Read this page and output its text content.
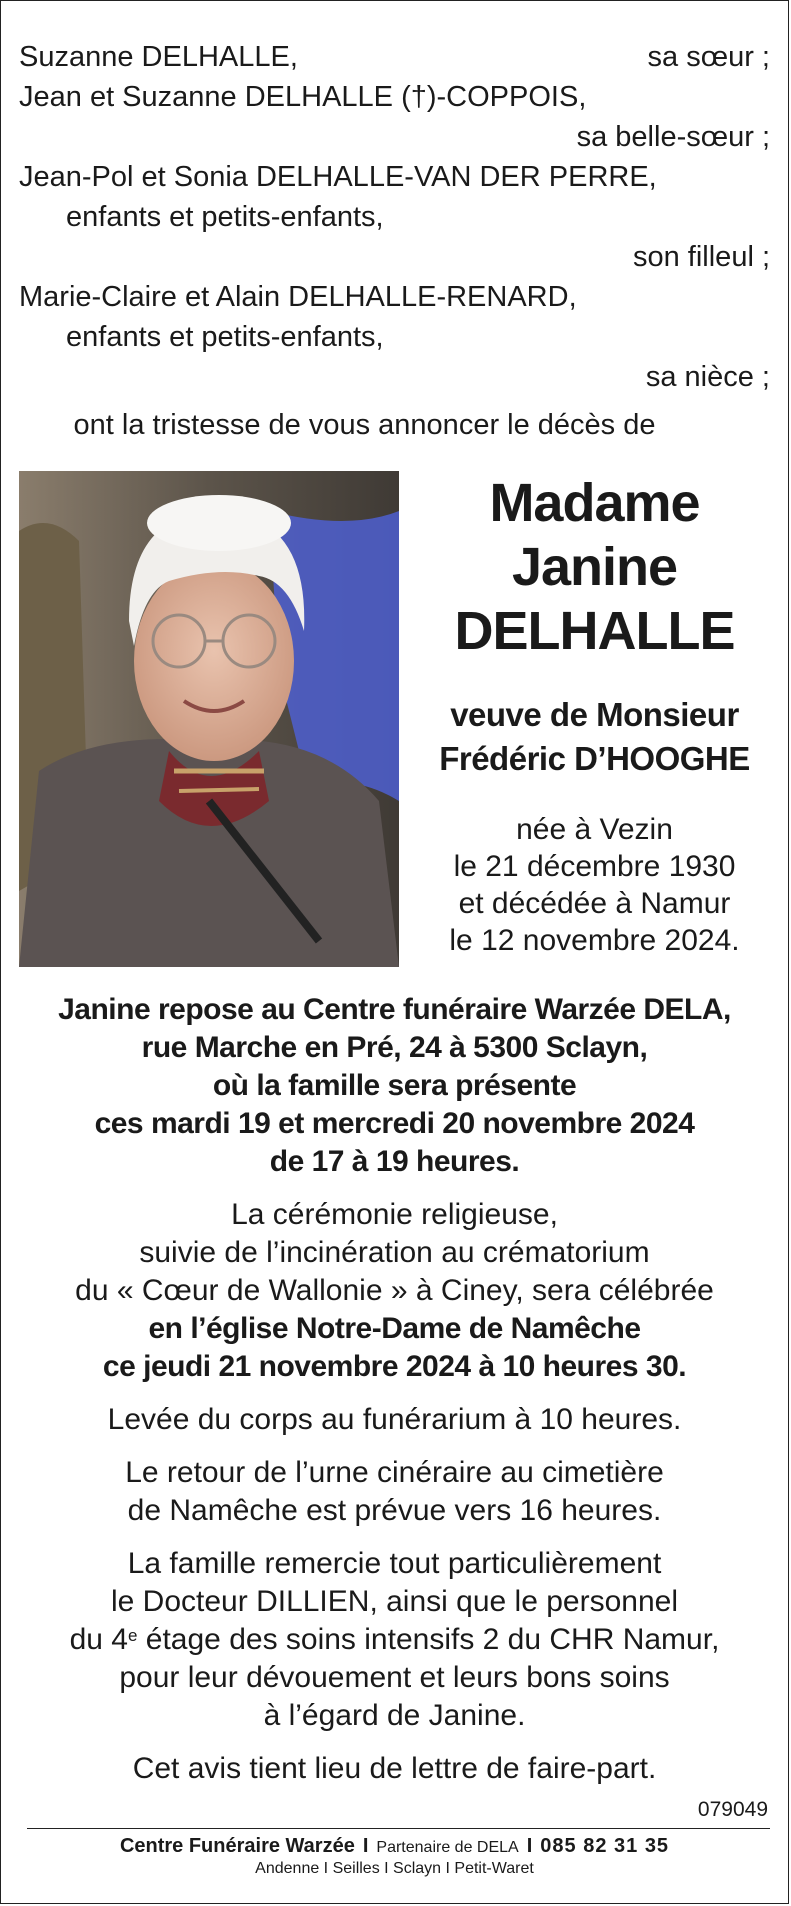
Suzanne DELHALLE,	sa sœur ;
Jean et Suzanne DELHALLE (†)-COPPOIS,
sa belle-sœur ;
Jean-Pol et Sonia DELHALLE-VAN DER PERRE,
enfants et petits-enfants,
son filleul ;
Marie-Claire et Alain DELHALLE-RENARD,
enfants et petits-enfants,
sa nièce ;
ont la tristesse de vous annoncer le décès de
Madame
Janine
DELHALLE
veuve de Monsieur
Frédéric D’HOOGHE
née à Vezin
le 21 décembre 1930
et décédée à Namur
le 12 novembre 2024.

Janine repose au Centre funéraire Warzée DELA,
rue Marche en Pré, 24 à 5300 Sclayn,
où la famille sera présente
ces mardi 19 et mercredi 20 novembre 2024
de 17 à 19 heures.

La cérémonie religieuse,
suivie de l’incinération au crématorium
du « Cœur de Wallonie » à Ciney, sera célébrée
en l’église Notre-Dame de Namêche
ce jeudi 21 novembre 2024 à 10 heures 30.

Levée du corps au funérarium à 10 heures.

Le retour de l’urne cinéraire au cimetière
de Namêche est prévue vers 16 heures.

La famille remercie tout particulièrement
le Docteur DILLIEN, ainsi que le personnel
du 4e étage des soins intensifs 2 du CHR Namur,
pour leur dévouement et leurs bons soins
à l’égard de Janine.

Cet avis tient lieu de lettre de faire-part.

079049
Centre Funéraire Warzée I Partenaire de DELA I 085 82 31 35
Andenne I Seilles I Sclayn I Petit-Waret
